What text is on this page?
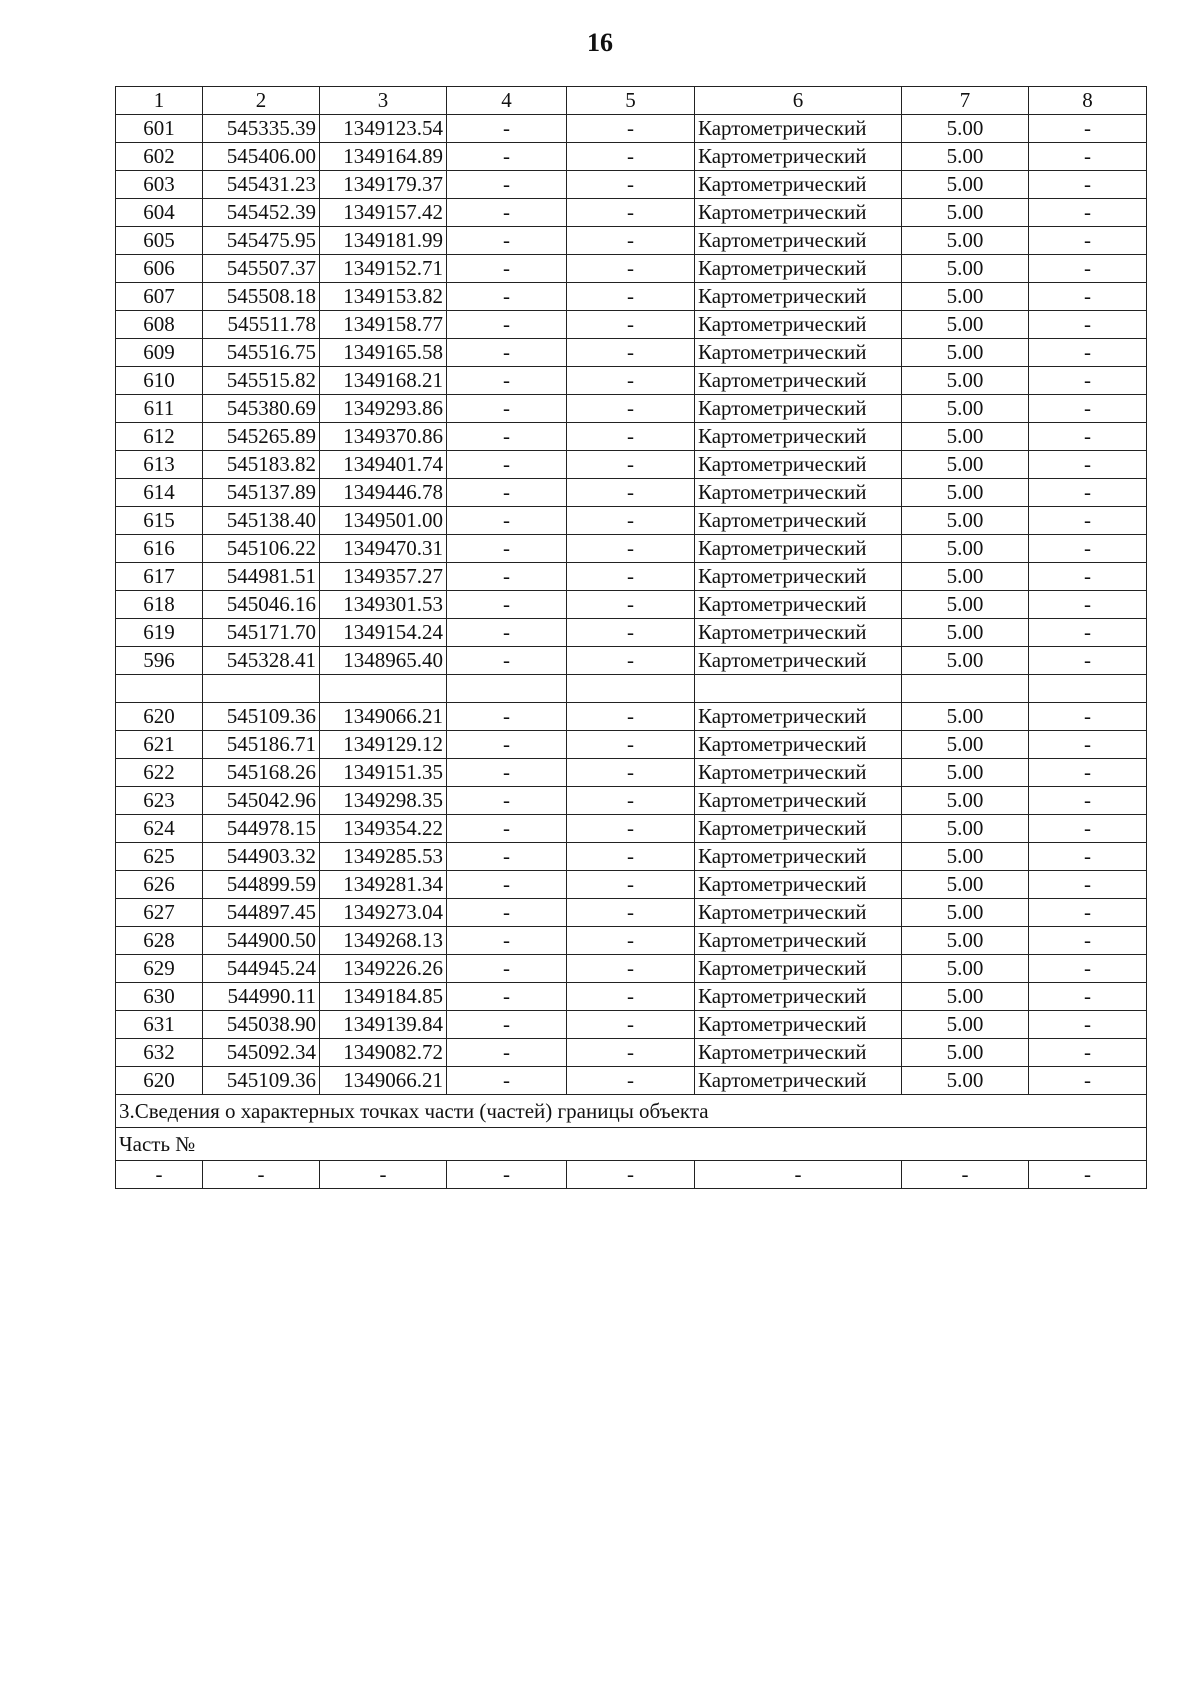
16
1	2	3	4	5	6	7	8
601	545335.39	1349123.54	-	-	Картометрический	5.00	-
602	545406.00	1349164.89	-	-	Картометрический	5.00	-
603	545431.23	1349179.37	-	-	Картометрический	5.00	-
604	545452.39	1349157.42	-	-	Картометрический	5.00	-
605	545475.95	1349181.99	-	-	Картометрический	5.00	-
606	545507.37	1349152.71	-	-	Картометрический	5.00	-
607	545508.18	1349153.82	-	-	Картометрический	5.00	-
608	545511.78	1349158.77	-	-	Картометрический	5.00	-
609	545516.75	1349165.58	-	-	Картометрический	5.00	-
610	545515.82	1349168.21	-	-	Картометрический	5.00	-
611	545380.69	1349293.86	-	-	Картометрический	5.00	-
612	545265.89	1349370.86	-	-	Картометрический	5.00	-
613	545183.82	1349401.74	-	-	Картометрический	5.00	-
614	545137.89	1349446.78	-	-	Картометрический	5.00	-
615	545138.40	1349501.00	-	-	Картометрический	5.00	-
616	545106.22	1349470.31	-	-	Картометрический	5.00	-
617	544981.51	1349357.27	-	-	Картометрический	5.00	-
618	545046.16	1349301.53	-	-	Картометрический	5.00	-
619	545171.70	1349154.24	-	-	Картометрический	5.00	-
596	545328.41	1348965.40	-	-	Картометрический	5.00	-

620	545109.36	1349066.21	-	-	Картометрический	5.00	-
621	545186.71	1349129.12	-	-	Картометрический	5.00	-
622	545168.26	1349151.35	-	-	Картометрический	5.00	-
623	545042.96	1349298.35	-	-	Картометрический	5.00	-
624	544978.15	1349354.22	-	-	Картометрический	5.00	-
625	544903.32	1349285.53	-	-	Картометрический	5.00	-
626	544899.59	1349281.34	-	-	Картометрический	5.00	-
627	544897.45	1349273.04	-	-	Картометрический	5.00	-
628	544900.50	1349268.13	-	-	Картометрический	5.00	-
629	544945.24	1349226.26	-	-	Картометрический	5.00	-
630	544990.11	1349184.85	-	-	Картометрический	5.00	-
631	545038.90	1349139.84	-	-	Картометрический	5.00	-
632	545092.34	1349082.72	-	-	Картометрический	5.00	-
620	545109.36	1349066.21	-	-	Картометрический	5.00	-
3.Сведения о характерных точках части (частей) границы объекта							
Часть №							
-	-	-	-	-	-	-	-
